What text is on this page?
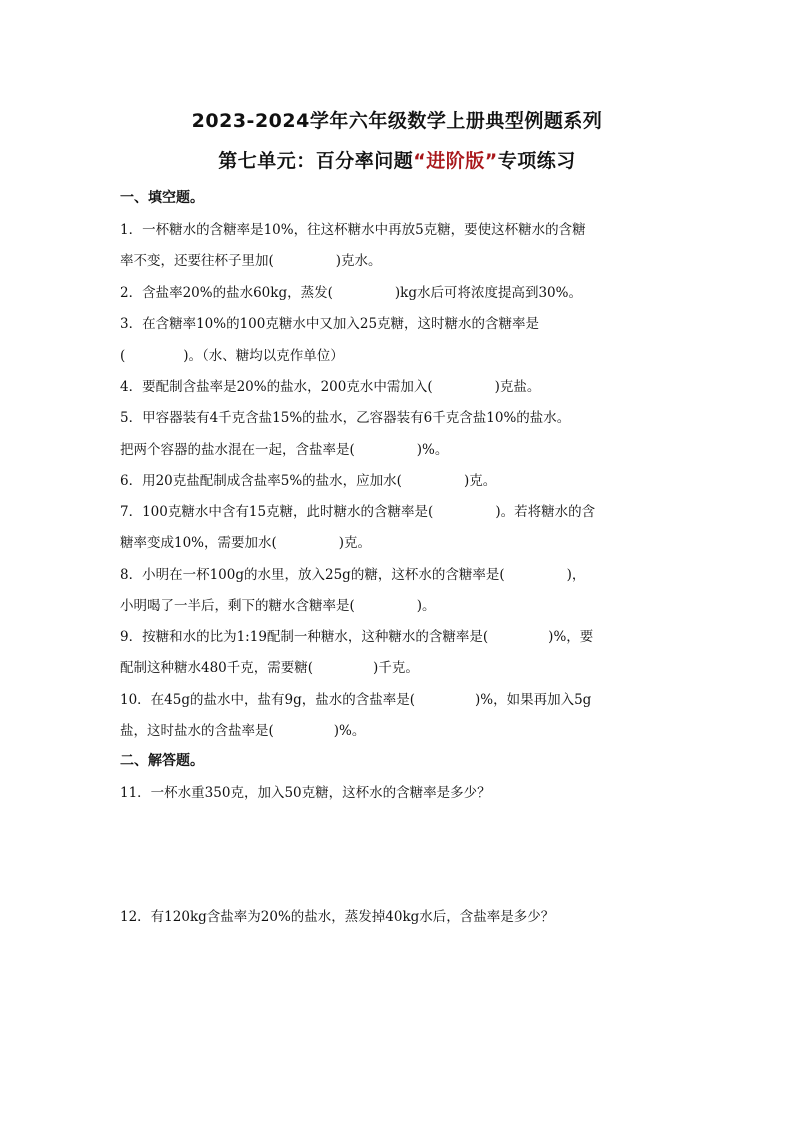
2023-2024学年六年级数学上册典型例题系列
第七单元：百分率问题“进阶版”专项练习
一、填空题。
1．一杯糖水的含糖率是10%，往这杯糖水中再放5克糖，要使这杯糖水的含糖
率不变，还要往杯子里加(	)克水。
2．含盐率20%的盐水60kg，蒸发(	)kg水后可将浓度提高到30%。
3．在含糖率10%的100克糖水中又加入25克糖，这时糖水的含糖率是
(	)。（水、糖均以克作单位）
4．要配制含盐率是20%的盐水，200克水中需加入(	)克盐。
5．甲容器装有4千克含盐15%的盐水，乙容器装有6千克含盐10%的盐水。
把两个容器的盐水混在一起，含盐率是(	)%。
6．用20克盐配制成含盐率5%的盐水，应加水(	)克。
7．100克糖水中含有15克糖，此时糖水的含糖率是(	)。若将糖水的含
糖率变成10%，需要加水(	)克。
8．小明在一杯100g的水里，放入25g的糖，这杯水的含糖率是(	)，
小明喝了一半后，剩下的糖水含糖率是(	)。
9．按糖和水的比为1:19配制一种糖水，这种糖水的含糖率是(	)%，要
配制这种糖水480千克，需要糖(	)千克。
10．在45g的盐水中，盐有9g，盐水的含盐率是(	)%，如果再加入5g
盐，这时盐水的含盐率是(	)%。
二、解答题。
11．一杯水重350克，加入50克糖，这杯水的含糖率是多少？
12．有120kg含盐率为20%的盐水，蒸发掉40kg水后，含盐率是多少？
